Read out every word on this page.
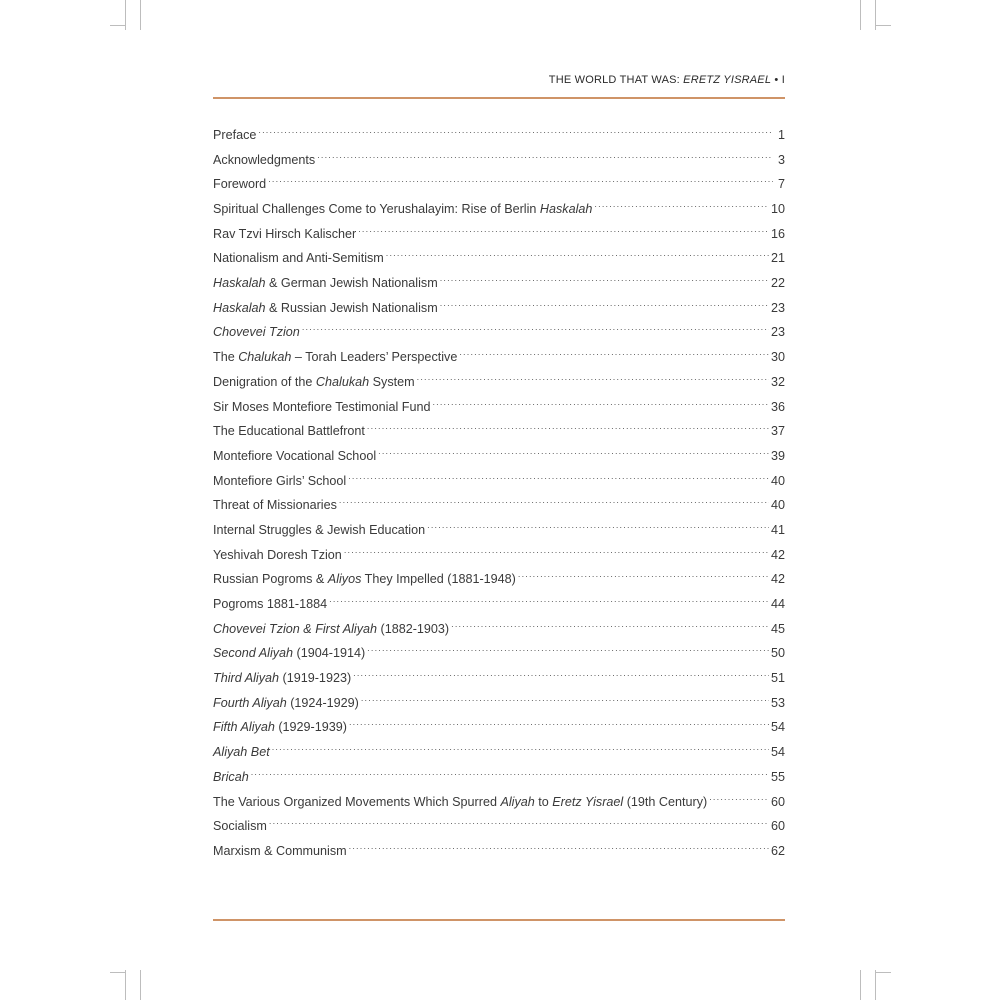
THE WORLD THAT WAS: ERETZ YISRAEL • I
Preface .....	1
Acknowledgments .....	3
Foreword .....	7
Spiritual Challenges Come to Yerushalayim: Rise of Berlin Haskalah .....	10
Rav Tzvi Hirsch Kalischer .....	16
Nationalism and Anti-Semitism .....	21
Haskalah & German Jewish Nationalism .....	22
Haskalah & Russian Jewish Nationalism .....	23
Chovevei Tzion .....	23
The Chalukah – Torah Leaders’ Perspective .....	30
Denigration of the Chalukah System .....	32
Sir Moses Montefiore Testimonial Fund .....	36
The Educational Battlefront .....	37
Montefiore Vocational School .....	39
Montefiore Girls’ School .....	40
Threat of Missionaries .....	40
Internal Struggles & Jewish Education .....	41
Yeshivah Doresh Tzion .....	42
Russian Pogroms & Aliyos They Impelled (1881-1948) .....	42
Pogroms 1881-1884 .....	44
Chovevei Tzion & First Aliyah (1882-1903) .....	45
Second Aliyah (1904-1914) .....	50
Third Aliyah (1919-1923) .....	51
Fourth Aliyah (1924-1929) .....	53
Fifth Aliyah (1929-1939) .....	54
Aliyah Bet .....	54
Bricah .....	55
The Various Organized Movements Which Spurred Aliyah to Eretz Yisrael (19th Century) .....	60
Socialism .....	60
Marxism & Communism .....	62
